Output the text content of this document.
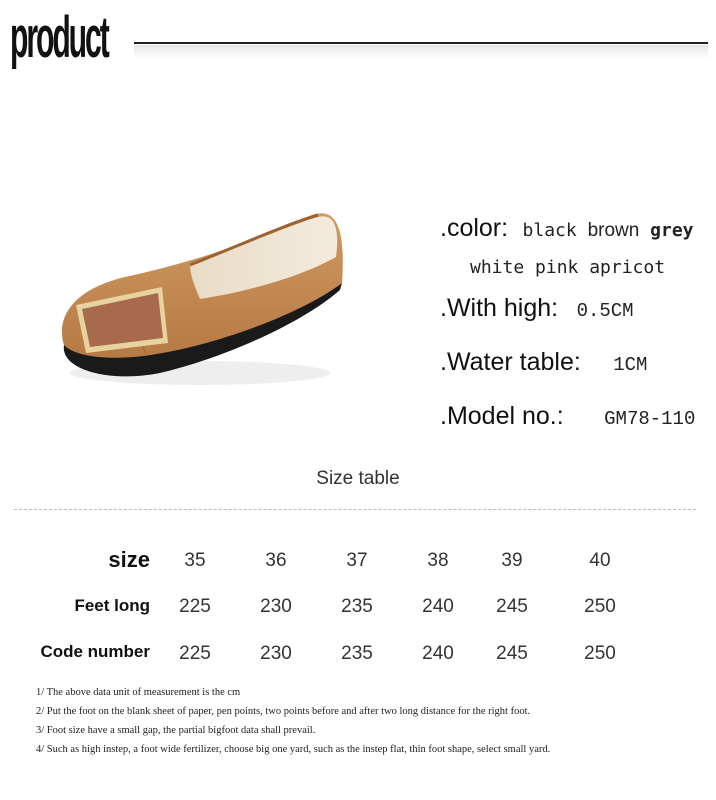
product
.color: black brown grey
white pink apricot
.With high: 0.5CM
.Water table: 1CM
.Model no.: GM78-110
Size table
size	35	36	37	38	39	40
Feet long	225	230	235	240	245	250
Code number	225	230	235	240	245	250
1/ The above data unit of measurement is the cm
2/ Put the foot on the blank sheet of paper, pen points, two points before and after two long distance for the right foot.
3/ Foot size have a small gap, the partial bigfoot data shall prevail.
4/ Such as high instep, a foot wide fertilizer, choose big one yard, such as the instep flat, thin foot shape, select small yard.
